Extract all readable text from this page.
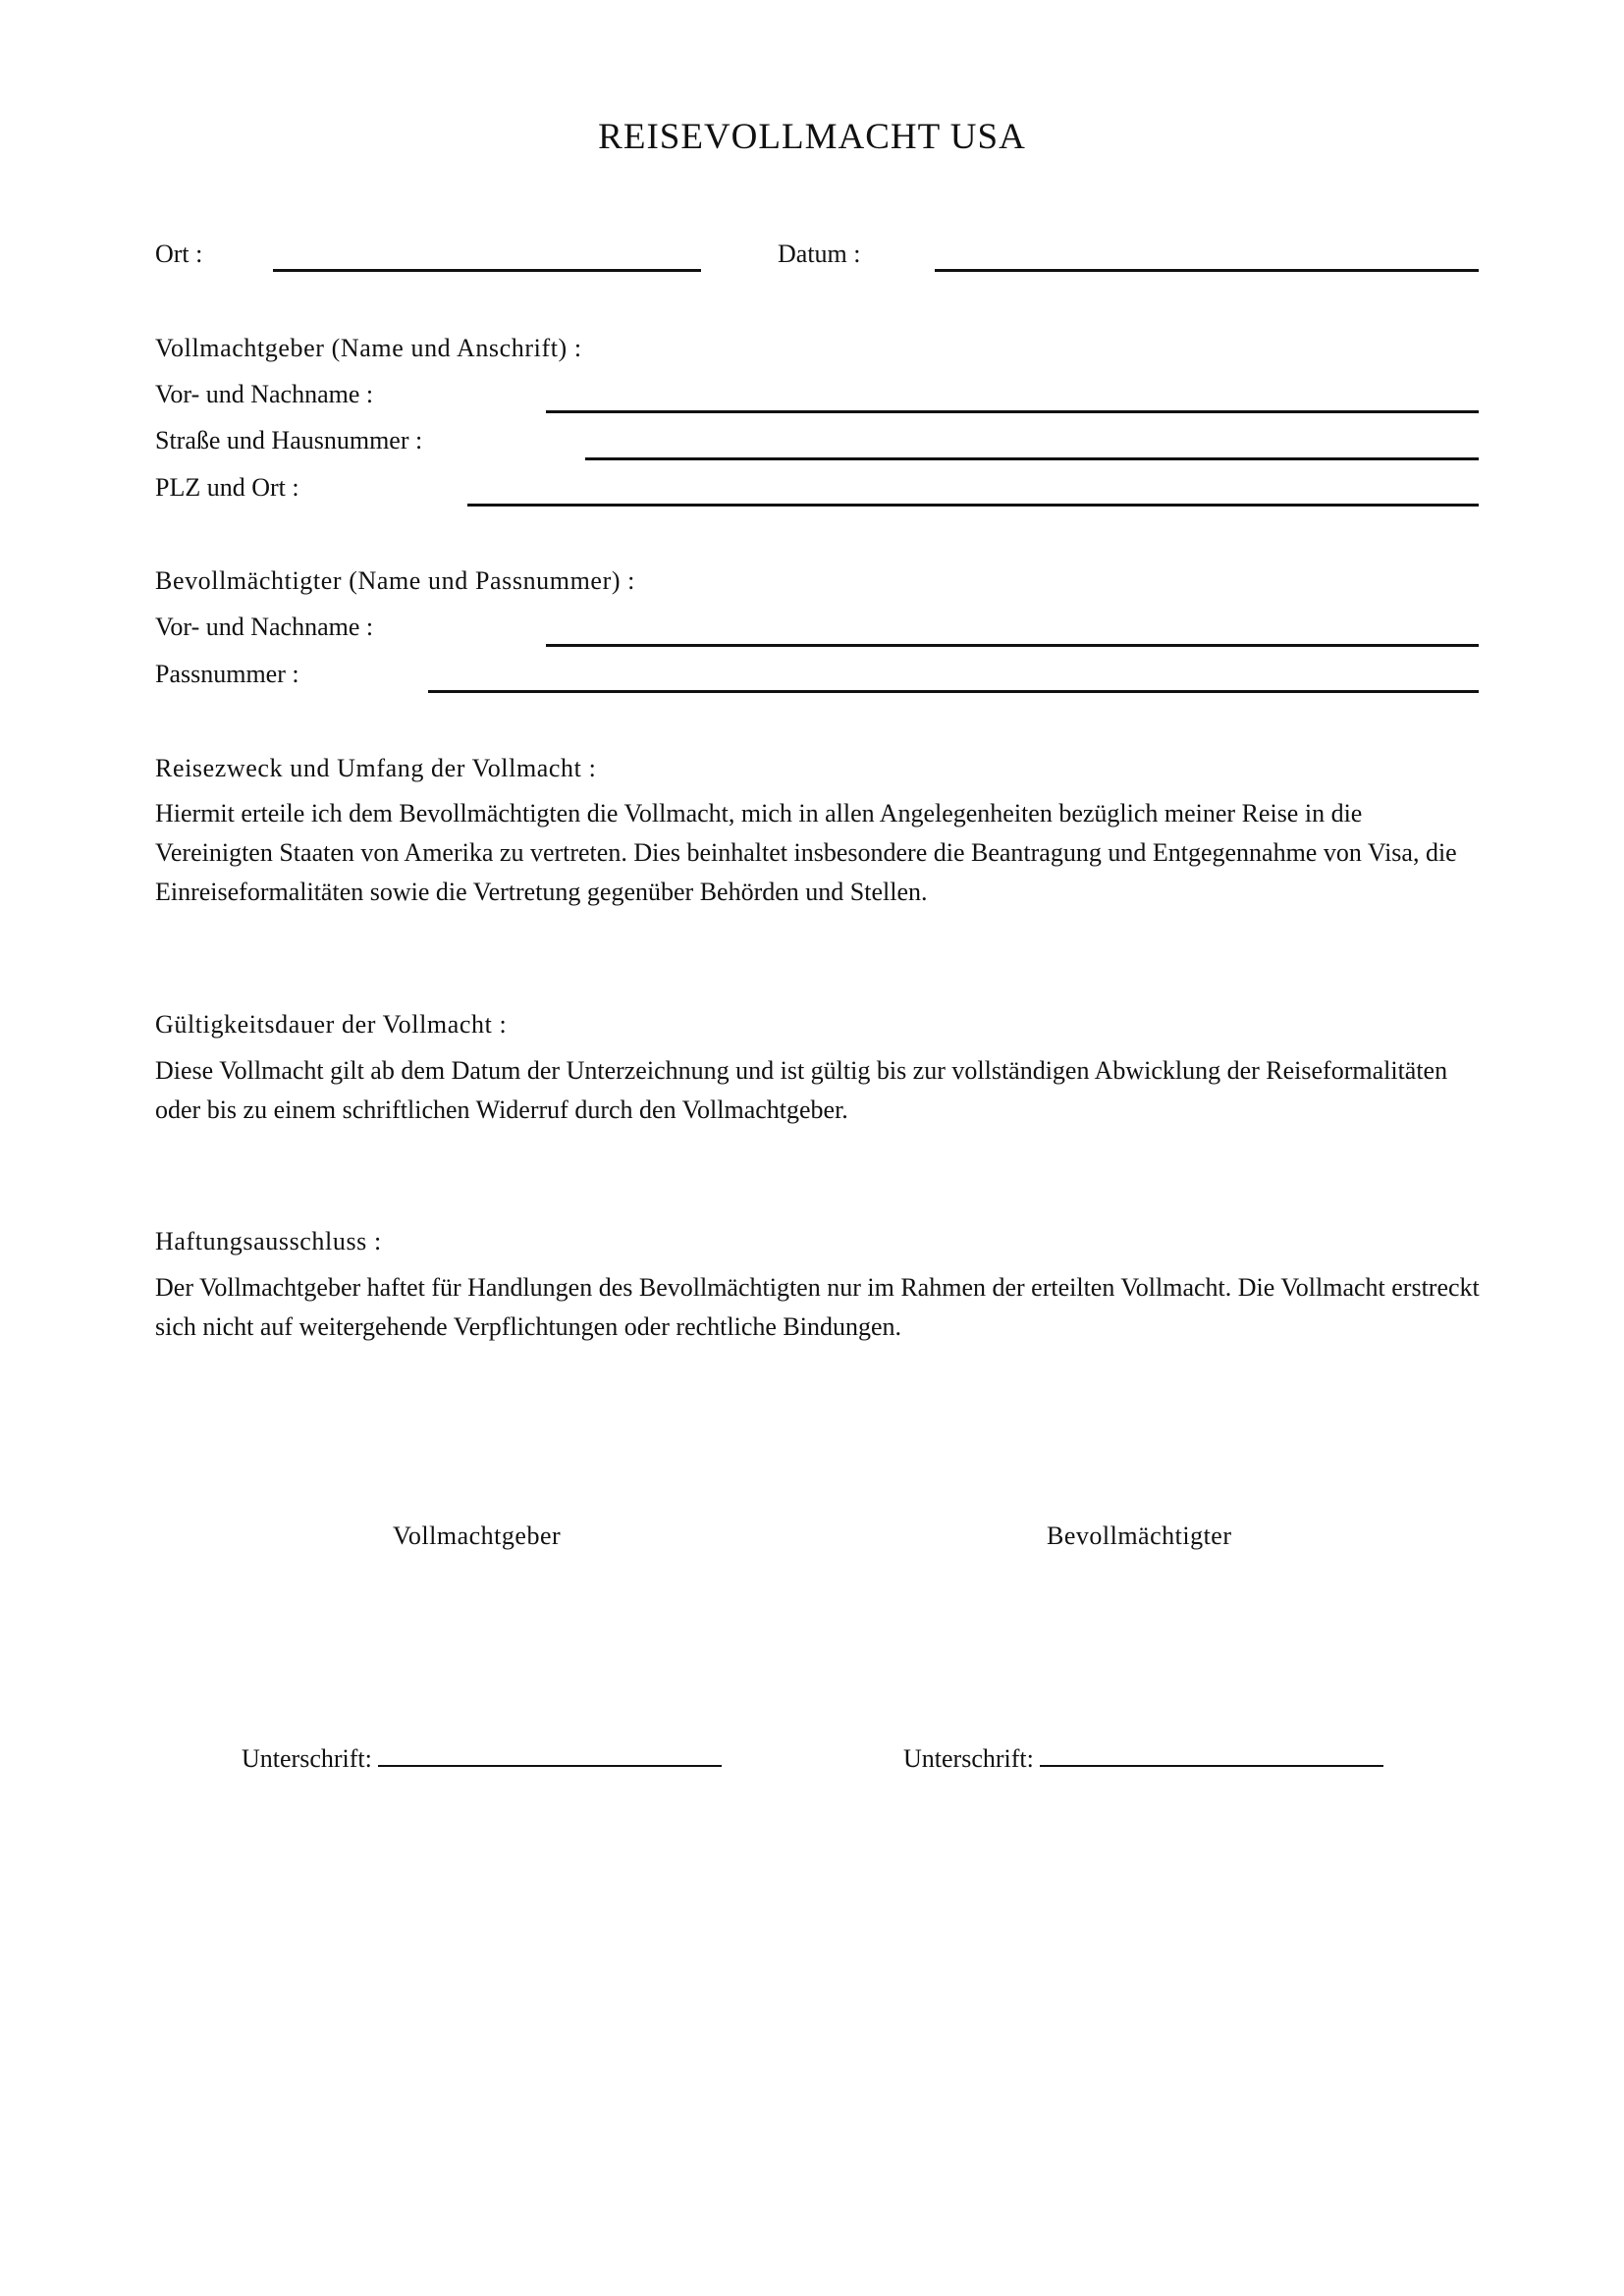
REISEVOLLMACHT USA
Ort :	Datum :
Vollmachtgeber (Name und Anschrift) :
Vor- und Nachname :
Straße und Hausnummer :
PLZ und Ort :
Bevollmächtigter (Name und Passnummer) :
Vor- und Nachname :
Passnummer :
Reisezweck und Umfang der Vollmacht :
Hiermit erteile ich dem Bevollmächtigten die Vollmacht, mich in allen Angelegenheiten bezüglich meiner Reise in die Vereinigten Staaten von Amerika zu vertreten. Dies beinhaltet insbesondere die Beantragung und Entgegennahme von Visa, die Einreiseformalitäten sowie die Vertretung gegenüber Behörden und Stellen.
Gültigkeitsdauer der Vollmacht :
Diese Vollmacht gilt ab dem Datum der Unterzeichnung und ist gültig bis zur vollständigen Abwicklung der Reiseformalitäten oder bis zu einem schriftlichen Widerruf durch den Vollmachtgeber.
Haftungsausschluss :
Der Vollmachtgeber haftet für Handlungen des Bevollmächtigten nur im Rahmen der erteilten Vollmacht. Die Vollmacht erstreckt sich nicht auf weitergehende Verpflichtungen oder rechtliche Bindungen.
Vollmachtgeber	Bevollmächtigter
Unterschrift:	Unterschrift:
